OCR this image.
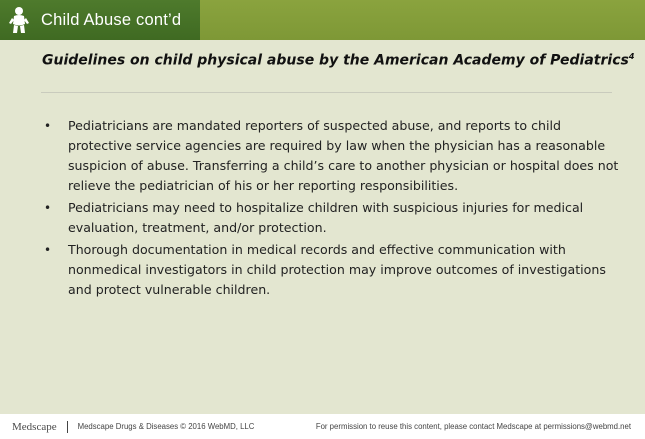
Child Abuse cont’d
Guidelines on child physical abuse by the American Academy of Pediatrics$^4$
• Pediatricians are mandated reporters of suspected abuse, and reports to child protective service agencies are required by law when the physician has a reasonable suspicion of abuse. Transferring a child’s care to another physician or hospital does not relieve the pediatrician of his or her reporting responsibilities.
• Pediatricians may need to hospitalize children with suspicious injuries for medical evaluation, treatment, and/or protection.
• Thorough documentation in medical records and effective communication with nonmedical investigators in child protection may improve outcomes of investigations and protect vulnerable children.
Medscape	Medscape Drugs & Diseases © 2016 WebMD, LLC	For permission to reuse this content, please contact Medscape at permissions@webmd.net
